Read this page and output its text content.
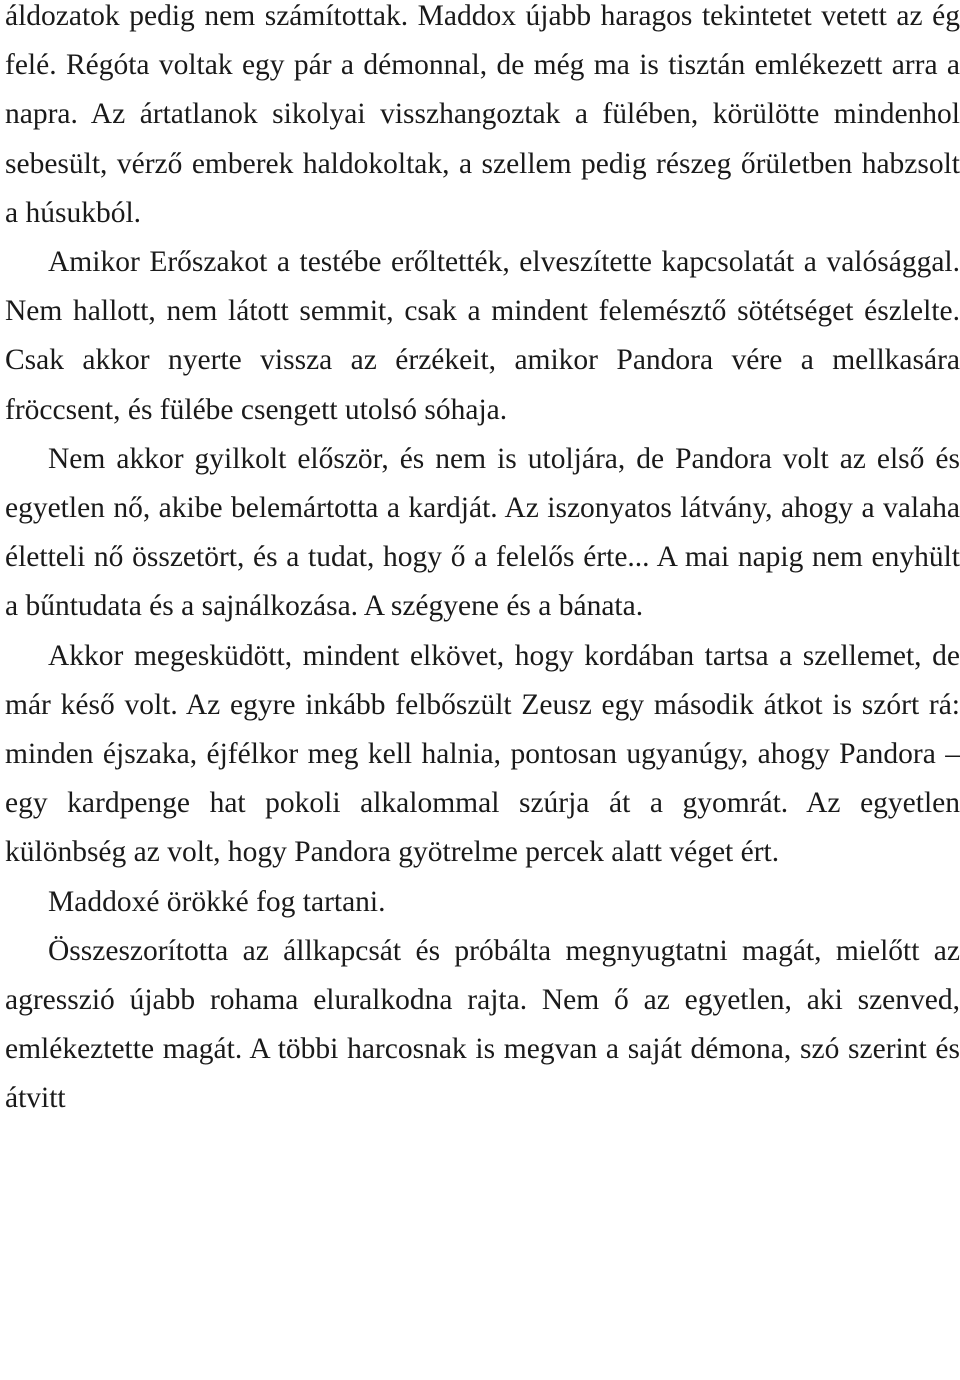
áldozatok pedig nem számítottak. Maddox újabb haragos tekintetet vetett az ég felé. Régóta voltak egy pár a démonnal, de még ma is tisztán emlékezett arra a napra. Az ártatlanok sikolyai visszhangoztak a fülében, körülötte mindenhol sebesült, vérző emberek haldokoltak, a szellem pedig részeg őrületben habzsolt a húsukból.

Amikor Erőszakot a testébe erőltették, elveszítette kapcsolatát a valósággal. Nem hallott, nem látott semmit, csak a mindent felemésztő sötétséget észlelte. Csak akkor nyerte vissza az érzékeit, amikor Pandora vére a mellkasára fröccsent, és fülébe csengett utolsó sóhaja.

Nem akkor gyilkolt először, és nem is utoljára, de Pandora volt az első és egyetlen nő, akibe belemártotta a kardját. Az iszonyatos látvány, ahogy a valaha életteli nő összetört, és a tudat, hogy ő a felelős érte... A mai napig nem enyhült a bűntudata és a sajnálkozása. A szégyene és a bánata.

Akkor megesküdött, mindent elkövet, hogy kordában tartsa a szellemet, de már késő volt. Az egyre inkább felbőszült Zeusz egy második átkot is szórt rá: minden éjszaka, éjfélkor meg kell halnia, pontosan ugyanúgy, ahogy Pandora – egy kardpenge hat pokoli alkalommal szúrja át a gyomrát. Az egyetlen különbség az volt, hogy Pandora gyötrelme percek alatt véget ért.

Maddoxé örökké fog tartani.

Összeszorította az állkapcsát és próbálta megnyugtatni magát, mielőtt az agresszió újabb rohama eluralkodna rajta. Nem ő az egyetlen, aki szenved, emlékeztette magát. A többi harcosnak is megvan a saját démona, szó szerint és átvitt
